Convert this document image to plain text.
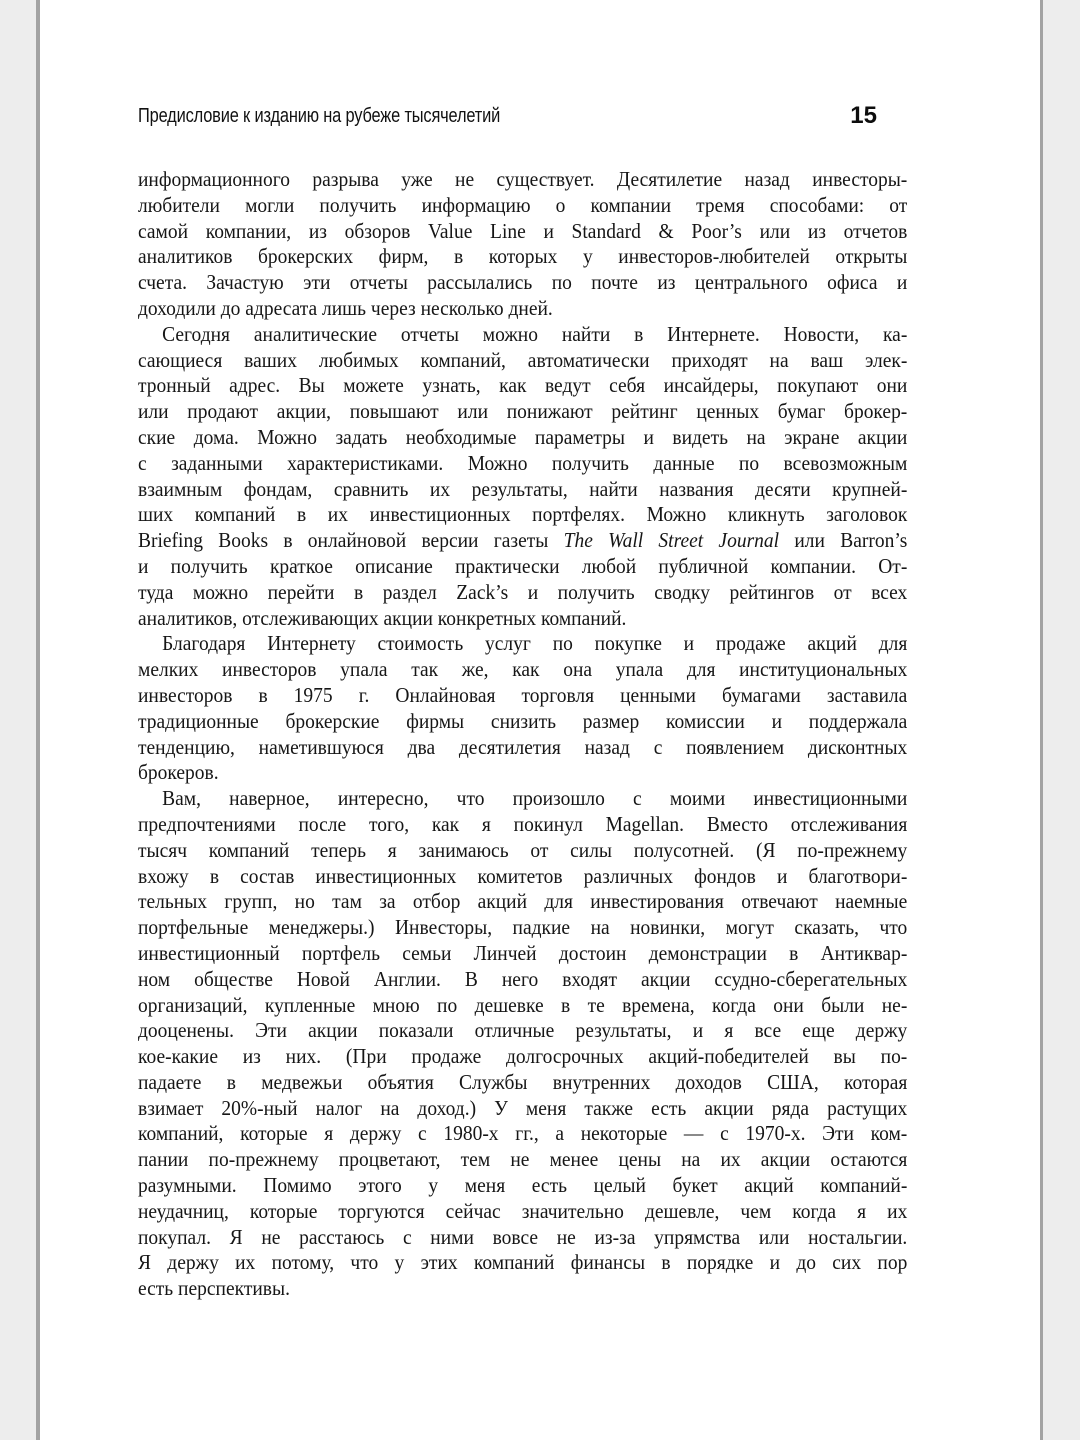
Предисловие к изданию на рубеже тысячелетий	15
информационного разрыва уже не существует. Десятилетие назад инвесторы-
любители могли получить информацию о компании тремя способами: от
самой компании, из обзоров Value Line и Standard & Poor’s или из отчетов
аналитиков брокерских фирм, в которых у инвесторов-любителей открыты
счета. Зачастую эти отчеты рассылались по почте из центрального офиса и
доходили до адресата лишь через несколько дней.
Сегодня аналитические отчеты можно найти в Интернете. Новости, ка-
сающиеся ваших любимых компаний, автоматически приходят на ваш элек-
тронный адрес. Вы можете узнать, как ведут себя инсайдеры, покупают они
или продают акции, повышают или понижают рейтинг ценных бумаг брокер-
ские дома. Можно задать необходимые параметры и видеть на экране акции
с заданными характеристиками. Можно получить данные по всевозможным
взаимным фондам, сравнить их результаты, найти названия десяти крупней-
ших компаний в их инвестиционных портфелях. Можно кликнуть заголовок
Briefing Books в онлайновой версии газеты The Wall Street Journal или Barron’s
и получить краткое описание практически любой публичной компании. От-
туда можно перейти в раздел Zack’s и получить сводку рейтингов от всех
аналитиков, отслеживающих акции конкретных компаний.
Благодаря Интернету стоимость услуг по покупке и продаже акций для
мелких инвесторов упала так же, как она упала для институциональных
инвесторов в 1975 г. Онлайновая торговля ценными бумагами заставила
традиционные брокерские фирмы снизить размер комиссии и поддержала
тенденцию, наметившуюся два десятилетия назад с появлением дисконтных
брокеров.
Вам, наверное, интересно, что произошло с моими инвестиционными
предпочтениями после того, как я покинул Magellan. Вместо отслеживания
тысяч компаний теперь я занимаюсь от силы полусотней. (Я по-прежнему
вхожу в состав инвестиционных комитетов различных фондов и благотвори-
тельных групп, но там за отбор акций для инвестирования отвечают наемные
портфельные менеджеры.) Инвесторы, падкие на новинки, могут сказать, что
инвестиционный портфель семьи Линчей достоин демонстрации в Антиквар-
ном обществе Новой Англии. В него входят акции ссудно-сберегательных
организаций, купленные мною по дешевке в те времена, когда они были не-
дооценены. Эти акции показали отличные результаты, и я все еще держу
кое-какие из них. (При продаже долгосрочных акций-победителей вы по-
падаете в медвежьи объятия Службы внутренних доходов США, которая
взимает 20%-ный налог на доход.) У меня также есть акции ряда растущих
компаний, которые я держу с 1980-х гг., а некоторые — с 1970-х. Эти ком-
пании по-прежнему процветают, тем не менее цены на их акции остаются
разумными. Помимо этого у меня есть целый букет акций компаний-
неудачниц, которые торгуются сейчас значительно дешевле, чем когда я их
покупал. Я не расстаюсь с ними вовсе не из-за упрямства или ностальгии.
Я держу их потому, что у этих компаний финансы в порядке и до сих пор
есть перспективы.
